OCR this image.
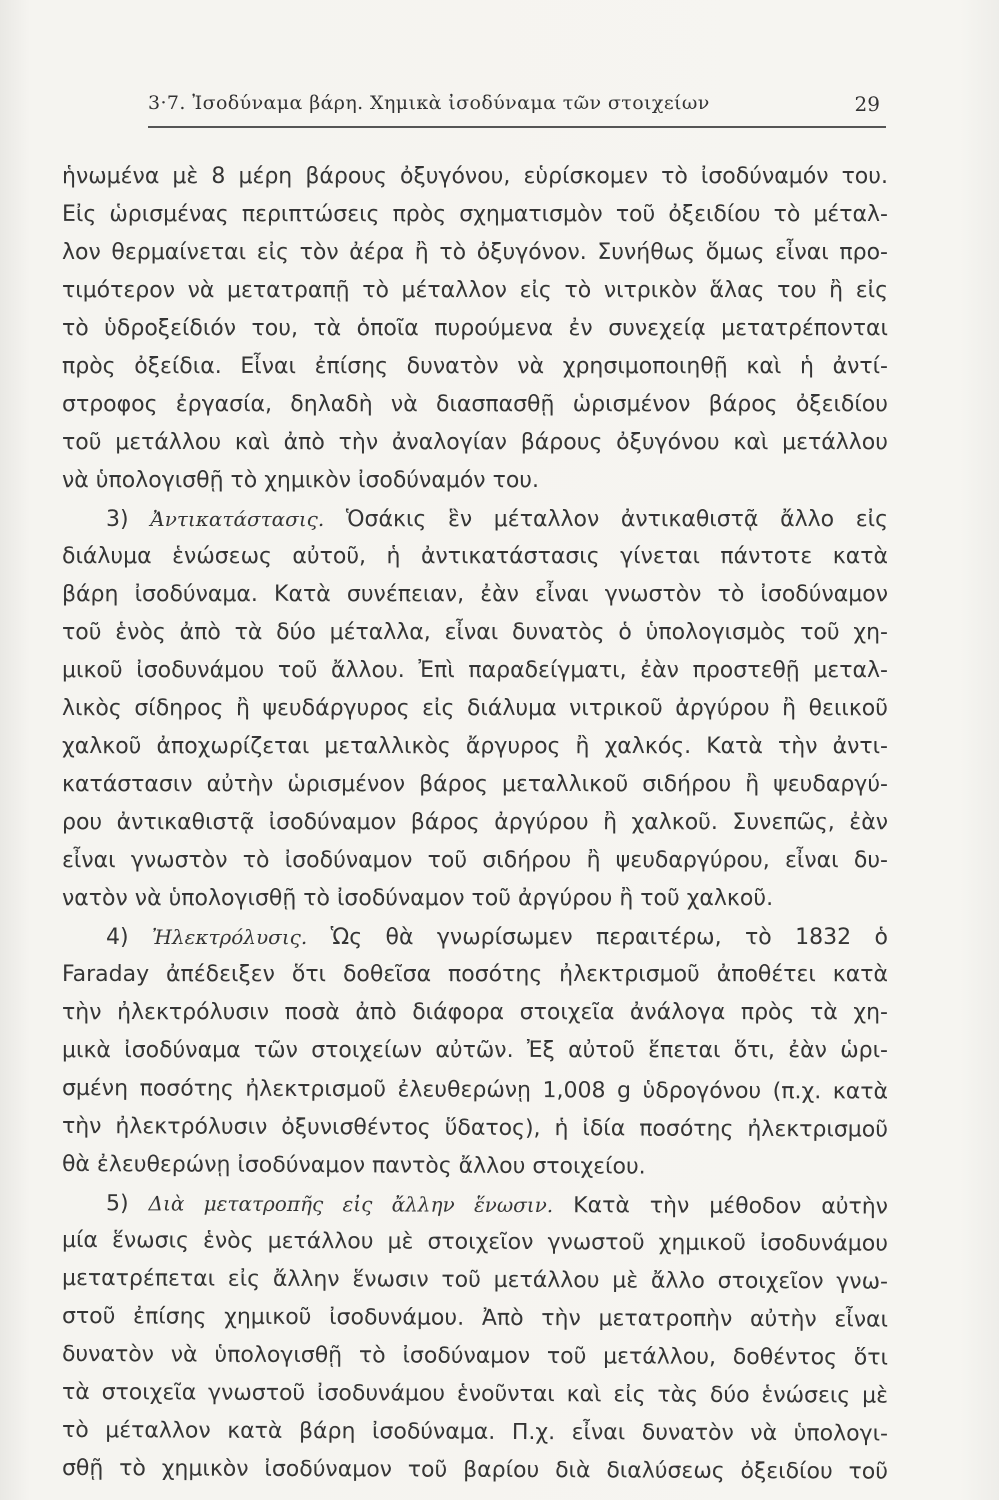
3·7. Ἰσοδύναμα βάρη. Χημικὰ ἰσοδύναμα τῶν στοιχείων	29
ἡνωμένα μὲ 8 μέρη βάρους ὀξυγόνου, εὑρίσκομεν τὸ ἰσοδύναμόν του.
Εἰς ὡρισμένας περιπτώσεις πρὸς σχηματισμὸν τοῦ ὀξειδίου τὸ μέταλ-
λον θερμαίνεται εἰς τὸν ἀέρα ἢ τὸ ὀξυγόνον. Συνήθως ὅμως εἶναι προ-
τιμότερον νὰ μετατραπῇ τὸ μέταλλον εἰς τὸ νιτρικὸν ἅλας του ἢ εἰς
τὸ ὑδροξείδιόν του, τὰ ὁποῖα πυρούμενα ἐν συνεχείᾳ μετατρέπονται
πρὸς ὀξείδια. Εἶναι ἐπίσης δυνατὸν νὰ χρησιμοποιηθῇ καὶ ἡ ἀντί-
στροφος ἐργασία, δηλαδὴ νὰ διασπασθῇ ὡρισμένον βάρος ὀξειδίου
τοῦ μετάλλου καὶ ἀπὸ τὴν ἀναλογίαν βάρους ὀξυγόνου καὶ μετάλλου
νὰ ὑπολογισθῇ τὸ χημικὸν ἰσοδύναμόν του.
3) Ἀντικατάστασις. Ὁσάκις ἓν μέταλλον ἀντικαθιστᾷ ἄλλο εἰς
διάλυμα ἑνώσεως αὐτοῦ, ἡ ἀντικατάστασις γίνεται πάντοτε κατὰ
βάρη ἰσοδύναμα. Κατὰ συνέπειαν, ἐὰν εἶναι γνωστὸν τὸ ἰσοδύναμον
τοῦ ἑνὸς ἀπὸ τὰ δύο μέταλλα, εἶναι δυνατὸς ὁ ὑπολογισμὸς τοῦ χη-
μικοῦ ἰσοδυνάμου τοῦ ἄλλου. Ἐπὶ παραδείγματι, ἐὰν προστεθῇ μεταλ-
λικὸς σίδηρος ἢ ψευδάργυρος εἰς διάλυμα νιτρικοῦ ἀργύρου ἢ θειικοῦ
χαλκοῦ ἀποχωρίζεται μεταλλικὸς ἄργυρος ἢ χαλκός. Κατὰ τὴν ἀντι-
κατάστασιν αὐτὴν ὡρισμένον βάρος μεταλλικοῦ σιδήρου ἢ ψευδαργύ-
ρου ἀντικαθιστᾷ ἰσοδύναμον βάρος ἀργύρου ἢ χαλκοῦ. Συνεπῶς, ἐὰν
εἶναι γνωστὸν τὸ ἰσοδύναμον τοῦ σιδήρου ἢ ψευδαργύρου, εἶναι δυ-
νατὸν νὰ ὑπολογισθῇ τὸ ἰσοδύναμον τοῦ ἀργύρου ἢ τοῦ χαλκοῦ.
4) Ἠλεκτρόλυσις. Ὡς θὰ γνωρίσωμεν περαιτέρω, τὸ 1832 ὁ
Faraday ἀπέδειξεν ὅτι δοθεῖσα ποσότης ἠλεκτρισμοῦ ἀποθέτει κατὰ
τὴν ἠλεκτρόλυσιν ποσὰ ἀπὸ διάφορα στοιχεῖα ἀνάλογα πρὸς τὰ χη-
μικὰ ἰσοδύναμα τῶν στοιχείων αὐτῶν. Ἐξ αὐτοῦ ἕπεται ὅτι, ἐὰν ὡρι-
σμένη ποσότης ἠλεκτρισμοῦ ἐλευθερώνῃ 1,008 g ὑδρογόνου (π.χ. κατὰ
τὴν ἠλεκτρόλυσιν ὀξυνισθέντος ὕδατος), ἡ ἰδία ποσότης ἠλεκτρισμοῦ
θὰ ἐλευθερώνῃ ἰσοδύναμον παντὸς ἄλλου στοιχείου.
5) Διὰ μετατροπῆς εἰς ἄλλην ἕνωσιν. Κατὰ τὴν μέθοδον αὐτὴν
μία ἕνωσις ἑνὸς μετάλλου μὲ στοιχεῖον γνωστοῦ χημικοῦ ἰσοδυνάμου
μετατρέπεται εἰς ἄλλην ἕνωσιν τοῦ μετάλλου μὲ ἄλλο στοιχεῖον γνω-
στοῦ ἐπίσης χημικοῦ ἰσοδυνάμου. Ἀπὸ τὴν μετατροπὴν αὐτὴν εἶναι
δυνατὸν νὰ ὑπολογισθῇ τὸ ἰσοδύναμον τοῦ μετάλλου, δοθέντος ὅτι
τὰ στοιχεῖα γνωστοῦ ἰσοδυνάμου ἑνοῦνται καὶ εἰς τὰς δύο ἑνώσεις μὲ
τὸ μέταλλον κατὰ βάρη ἰσοδύναμα. Π.χ. εἶναι δυνατὸν νὰ ὑπολογι-
σθῇ τὸ χημικὸν ἰσοδύναμον τοῦ βαρίου διὰ διαλύσεως ὀξειδίου τοῦ
